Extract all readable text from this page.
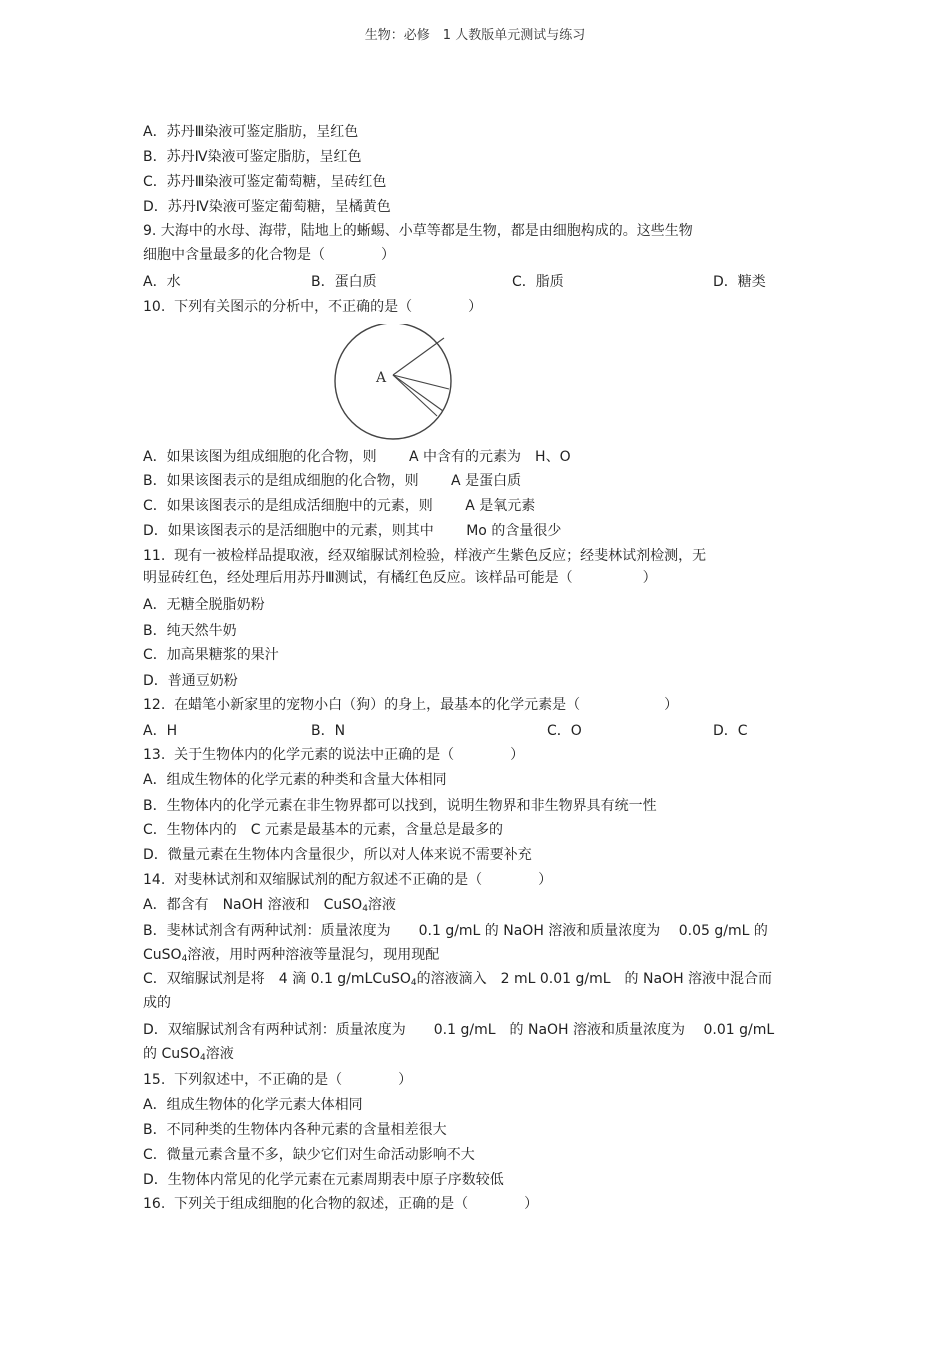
生物：必修　1 人教版单元测试与练习
A．苏丹Ⅲ染液可鉴定脂肪，呈红色
B．苏丹Ⅳ染液可鉴定脂肪，呈红色
C．苏丹Ⅲ染液可鉴定葡萄糖，呈砖红色
D．苏丹Ⅳ染液可鉴定葡萄糖，呈橘黄色
9. 大海中的水母、海带，陆地上的蜥蜴、小草等都是生物，都是由细胞构成的。这些生物
细胞中含量最多的化合物是（　　　　）
A．水	B．蛋白质	C．脂质	D．糖类
10.  下列有关图示的分析中，不正确的是（　　　　）
A
A．如果该图为组成细胞的化合物，则　　 A 中含有的元素为　H、O
B．如果该图表示的是组成细胞的化合物，则　　 A 是蛋白质
C．如果该图表示的是组成活细胞中的元素，则　　 A 是氧元素
D．如果该图表示的是活细胞中的元素，则其中　　 Mo 的含量很少
11.  现有一被检样品提取液，经双缩脲试剂检验，样液产生紫色反应；经斐林试剂检测，无
明显砖红色，经处理后用苏丹Ⅲ测试，有橘红色反应。该样品可能是（　　　　　）
A．无糖全脱脂奶粉
B．纯天然牛奶
C．加高果糖浆的果汁
D．普通豆奶粉
12.  在蜡笔小新家里的宠物小白（狗）的身上，最基本的化学元素是（　　　　　　）
A．H	B．N	C．O	D．C
13.  关于生物体内的化学元素的说法中正确的是（　　　　）
A．组成生物体的化学元素的种类和含量大体相同
B．生物体内的化学元素在非生物界都可以找到，说明生物界和非生物界具有统一性
C．生物体内的　C 元素是最基本的元素，含量总是最多的
D．微量元素在生物体内含量很少，所以对人体来说不需要补充
14.  对斐林试剂和双缩脲试剂的配方叙述不正确的是（　　　　）
A．都含有　NaOH 溶液和　CuSO$_4$溶液
B．斐林试剂含有两种试剂：质量浓度为　　0.1 g/mL 的 NaOH 溶液和质量浓度为　 0.05 g/mL 的
CuSO$_4$溶液，用时两种溶液等量混匀，现用现配
C．双缩脲试剂是将　4 滴 0.1 g/mLCuSO$_4$的溶液滴入　2 mL 0.01 g/mL　的 NaOH 溶液中混合而
成的
D．双缩脲试剂含有两种试剂：质量浓度为　　0.1 g/mL　的 NaOH 溶液和质量浓度为　 0.01 g/mL
的 CuSO$_4$溶液
15.  下列叙述中，不正确的是（　　　　）
A．组成生物体的化学元素大体相同
B．不同种类的生物体内各种元素的含量相差很大
C．微量元素含量不多，缺少它们对生命活动影响不大
D．生物体内常见的化学元素在元素周期表中原子序数较低
16.  下列关于组成细胞的化合物的叙述，正确的是（　　　　）
